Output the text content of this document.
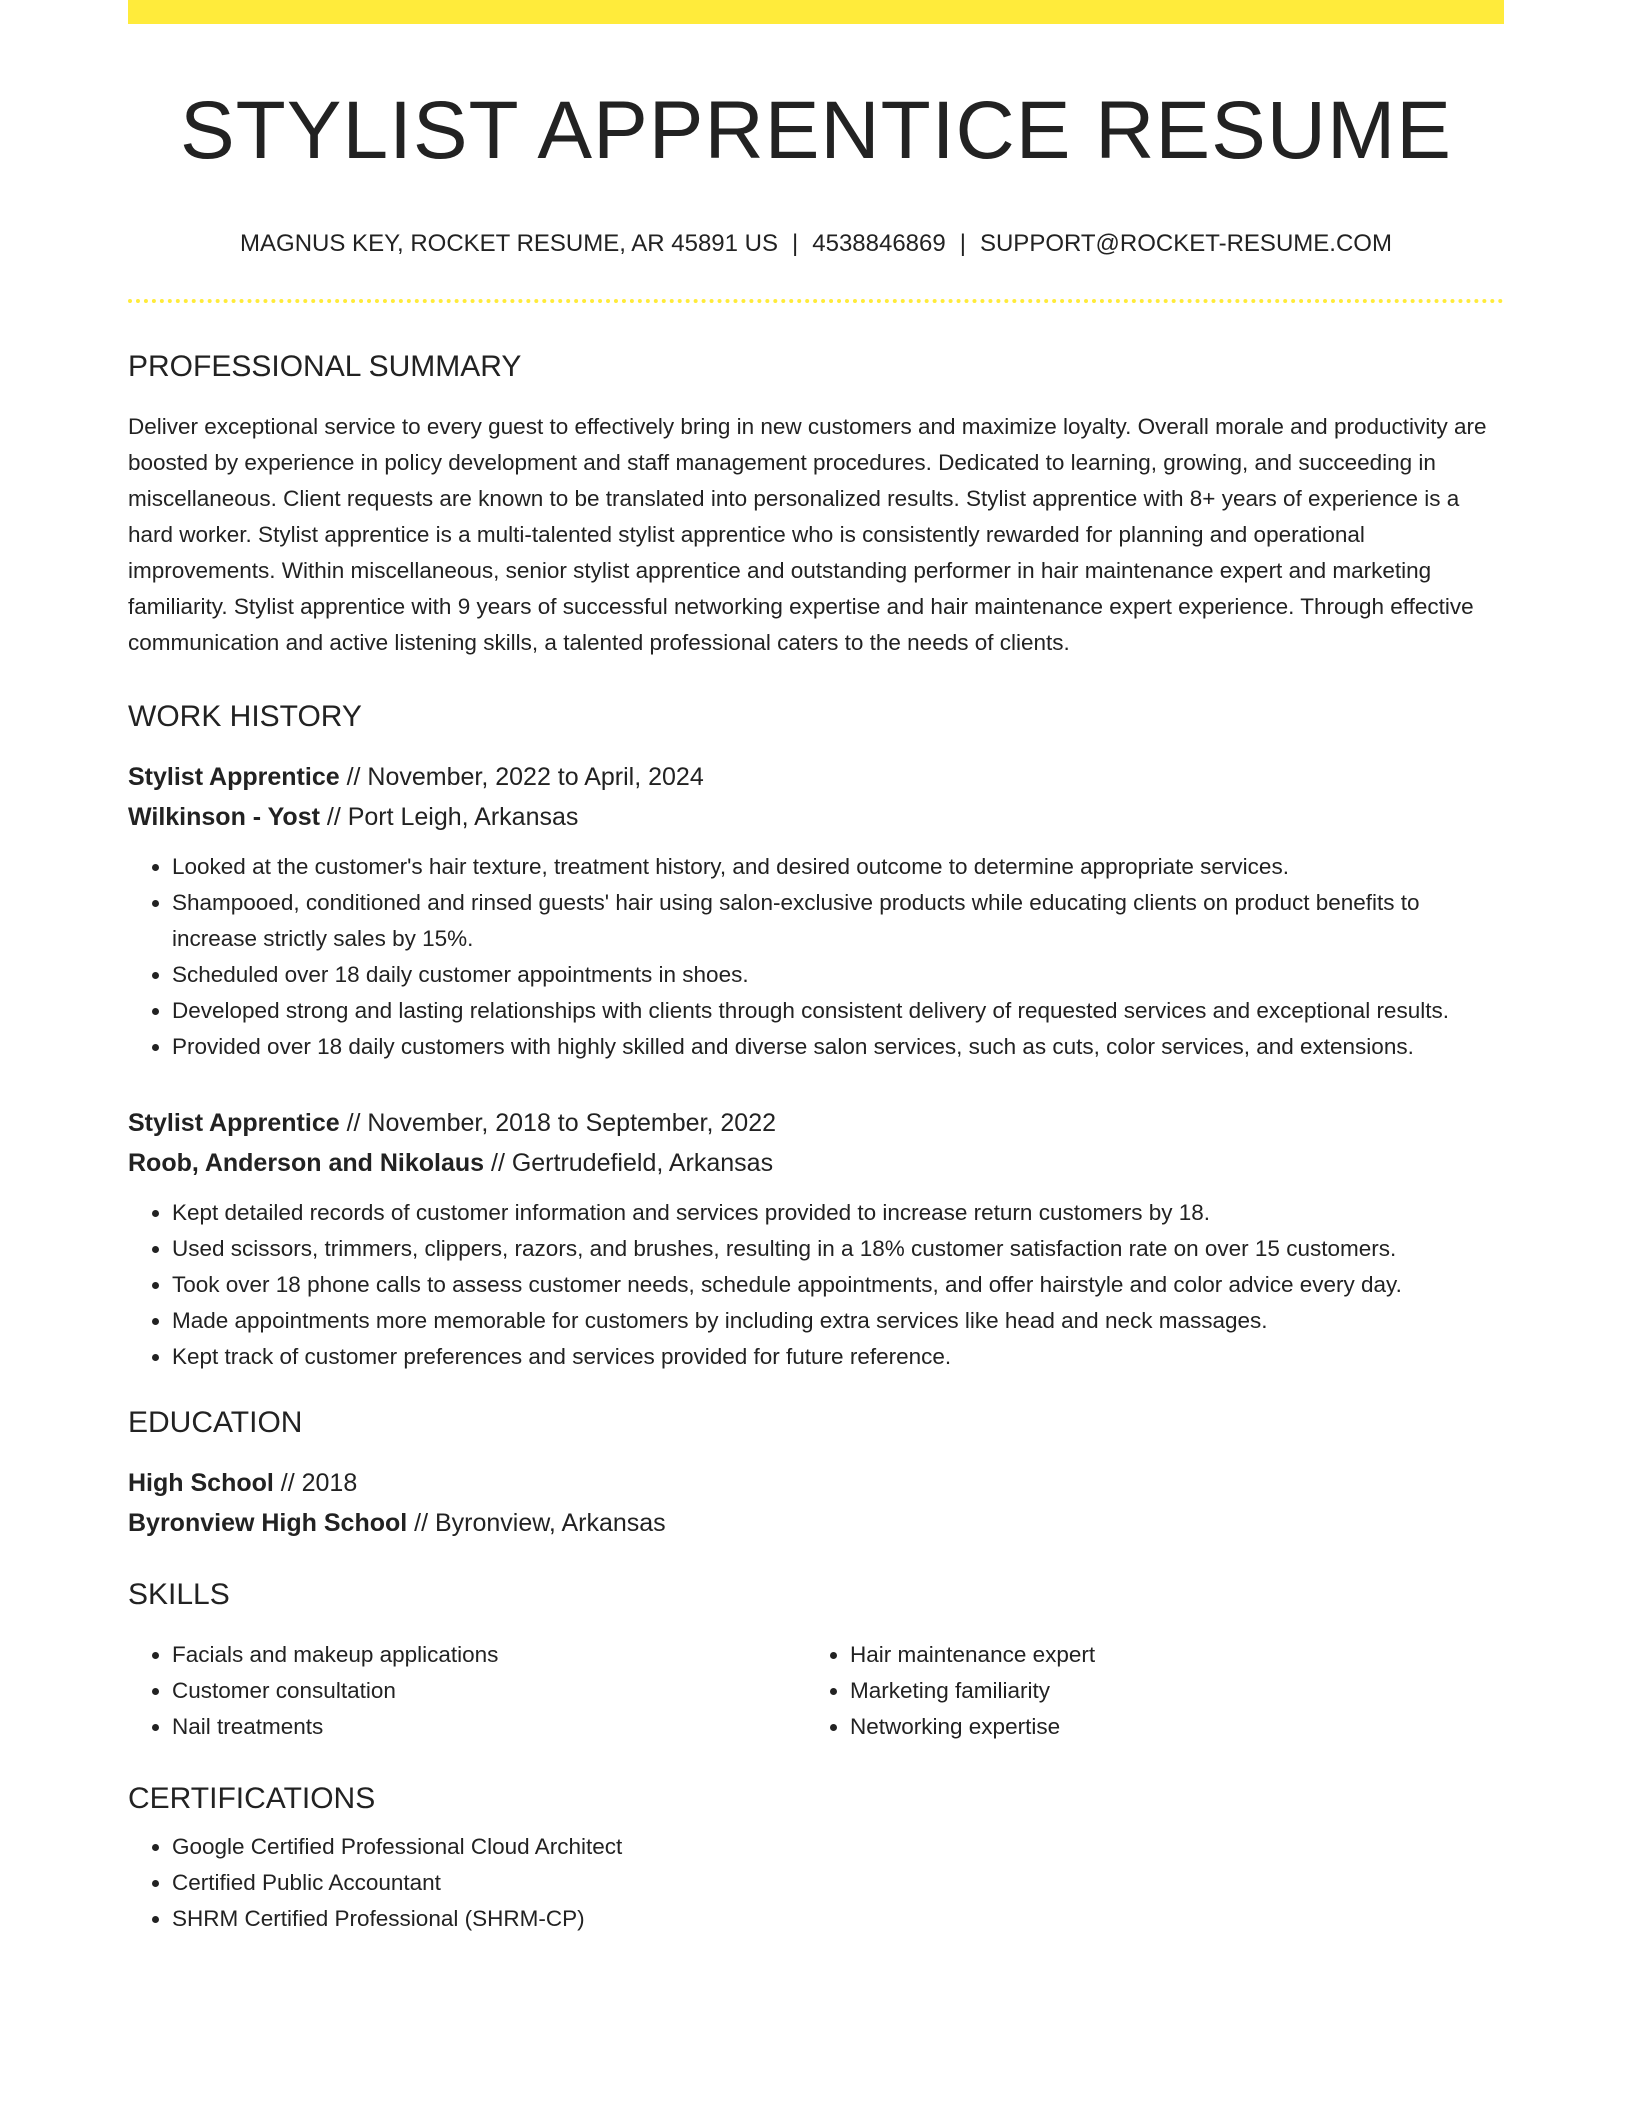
STYLIST APPRENTICE RESUME
MAGNUS KEY, ROCKET RESUME, AR 45891 US | 4538846869 | SUPPORT@ROCKET-RESUME.COM
PROFESSIONAL SUMMARY

Deliver exceptional service to every guest to effectively bring in new customers and maximize loyalty. Overall morale and productivity are boosted by experience in policy development and staff management procedures. Dedicated to learning, growing, and succeeding in miscellaneous. Client requests are known to be translated into personalized results. Stylist apprentice with 8+ years of experience is a hard worker. Stylist apprentice is a multi-talented stylist apprentice who is consistently rewarded for planning and operational improvements. Within miscellaneous, senior stylist apprentice and outstanding performer in hair maintenance expert and marketing familiarity. Stylist apprentice with 9 years of successful networking expertise and hair maintenance expert experience. Through effective communication and active listening skills, a talented professional caters to the needs of clients.

WORK HISTORY
Stylist Apprentice // November, 2022 to April, 2024
Wilkinson - Yost // Port Leigh, Arkansas
• Looked at the customer's hair texture, treatment history, and desired outcome to determine appropriate services.
• Shampooed, conditioned and rinsed guests' hair using salon-exclusive products while educating clients on product benefits to increase strictly sales by 15%.
• Scheduled over 18 daily customer appointments in shoes.
• Developed strong and lasting relationships with clients through consistent delivery of requested services and exceptional results.
• Provided over 18 daily customers with highly skilled and diverse salon services, such as cuts, color services, and extensions.
Stylist Apprentice // November, 2018 to September, 2022
Roob, Anderson and Nikolaus // Gertrudefield, Arkansas
• Kept detailed records of customer information and services provided to increase return customers by 18.
• Used scissors, trimmers, clippers, razors, and brushes, resulting in a 18% customer satisfaction rate on over 15 customers.
• Took over 18 phone calls to assess customer needs, schedule appointments, and offer hairstyle and color advice every day.
• Made appointments more memorable for customers by including extra services like head and neck massages.
• Kept track of customer preferences and services provided for future reference.
EDUCATION
High School // 2018
Byronview High School // Byronview, Arkansas
SKILLS
• Facials and makeup applications
• Customer consultation
• Nail treatments
• Hair maintenance expert
• Marketing familiarity
• Networking expertise
CERTIFICATIONS
• Google Certified Professional Cloud Architect
• Certified Public Accountant
• SHRM Certified Professional (SHRM-CP)
